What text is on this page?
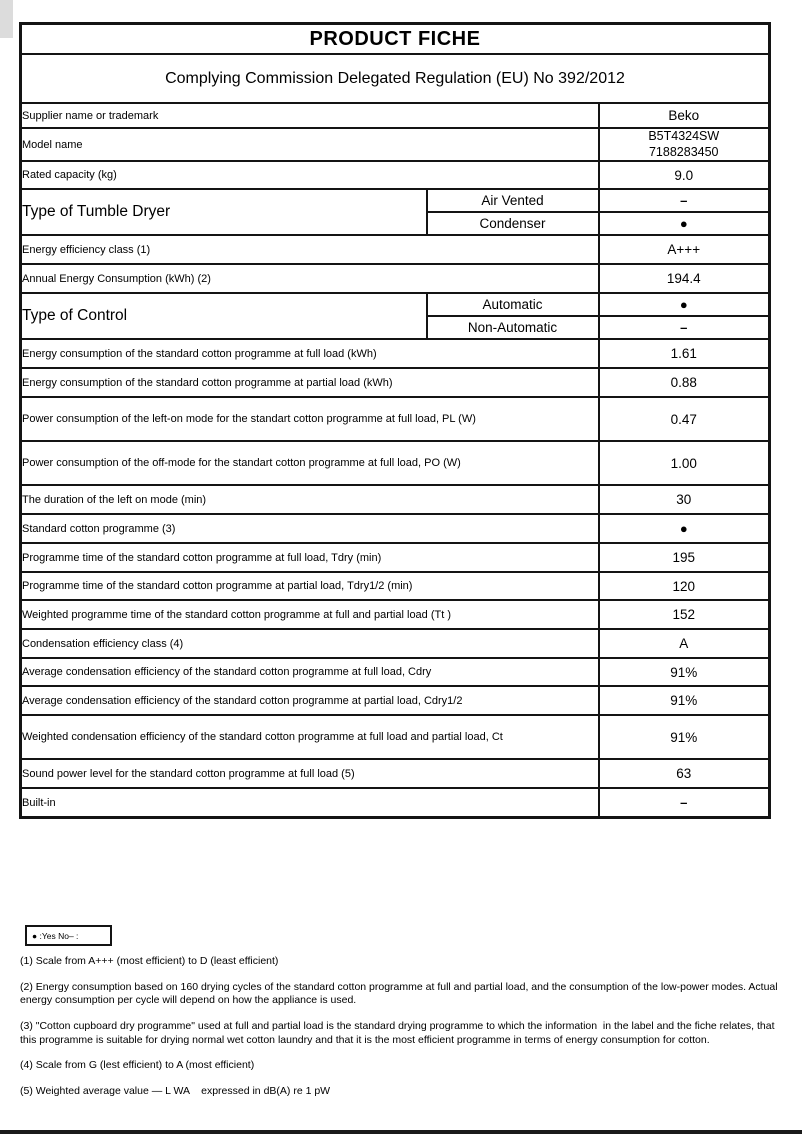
PRODUCT FICHE		
Complying Commission Delegated Regulation (EU) No 392/2012		
Supplier name or trademark		Beko
Model name		B5T4324SW
7188283450

Rated capacity (kg)		9.0
Type of Tumble Dryer	Air Vented	–
	Condenser	●
Energy efficiency class (1)		A+++
Annual Energy Consumption (kWh) (2)		194.4
Type of Control	Automatic	●
	Non-Automatic	–
Energy consumption of the standard cotton programme at full load (kWh)		1.61
Energy consumption of the standard cotton programme at partial load (kWh)		0.88
Power consumption of the left-on mode for the standart cotton programme at full load, PL (W)		0.47
Power consumption of the off-mode for the standart cotton programme at full load, PO (W)		1.00
The duration of the left on mode (min)		30
Standard cotton programme (3)		●
Programme time of the standard cotton programme at full load, Tdry (min)		195
Programme time of the standard cotton programme at partial load, Tdry1/2 (min)		120
Weighted programme time of the standard cotton programme at full and partial load (Tt )		152
Condensation efficiency class (4)		A
Average condensation efficiency of the standard cotton programme at full load, Cdry		91%
Average condensation efficiency of the standard cotton programme at partial load, Cdry1/2		91%
Weighted condensation efficiency of the standard cotton programme at full load and partial load, Ct		91%
Sound power level for the standard cotton programme at full load (5)		63
Built-in		–
● :Yes No– :

(1) Scale from A+++ (most efficient) to D (least efficient)

(2) Energy consumption based on 160 drying cycles of the standard cotton programme at full and partial load, and the consumption of the low-power modes. Actual energy consumption per cycle will depend on how the appliance is used.

(3) "Cotton cupboard dry programme" used at full and partial load is the standard drying programme to which the information  in the label and the fiche relates, that this programme is suitable for drying normal wet cotton laundry and that it is the most efficient programme in terms of energy consumption for cotton.

(4) Scale from G (lest efficient) to A (most efficient)

(5) Weighted average value — L WA    expressed in dB(A) re 1 pW
